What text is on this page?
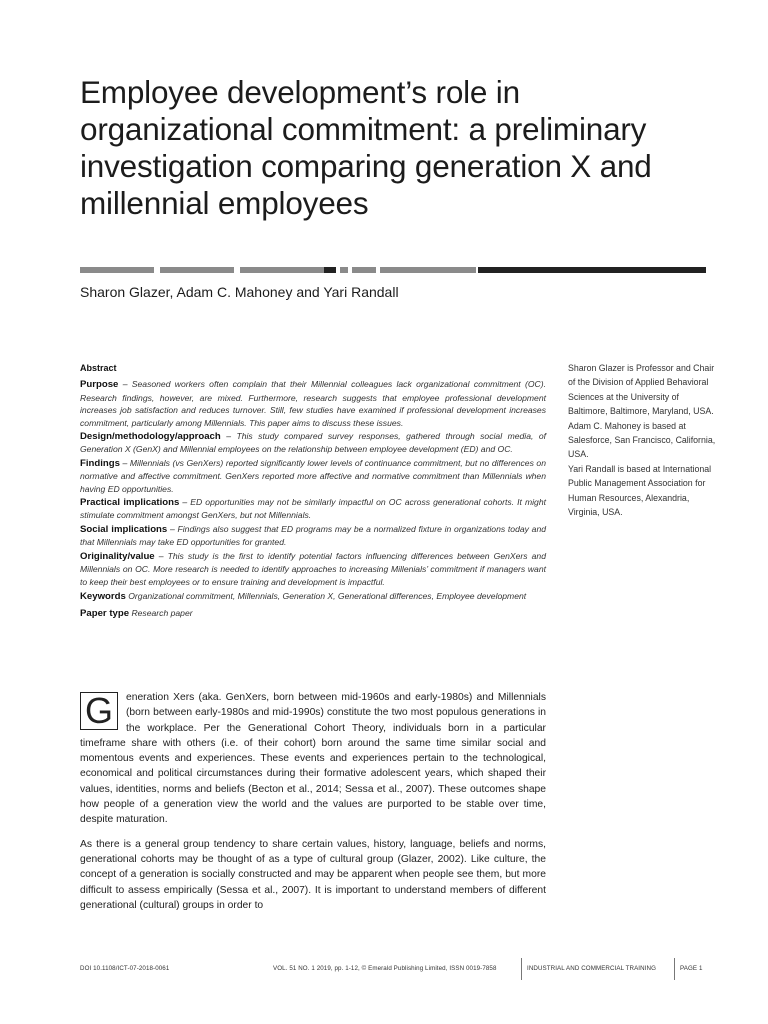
Employee development’s role in organizational commitment: a preliminary investigation comparing generation X and millennial employees
Sharon Glazer, Adam C. Mahoney and Yari Randall
Abstract

Purpose – Seasoned workers often complain that their Millennial colleagues lack organizational commitment (OC). Research findings, however, are mixed. Furthermore, research suggests that employee professional development increases job satisfaction and reduces turnover. Still, few studies have examined if professional development increases commitment, particularly among Millennials. This paper aims to discuss these issues.

Design/methodology/approach – This study compared survey responses, gathered through social media, of Generation X (GenX) and Millennial employees on the relationship between employee development (ED) and OC.

Findings – Millennials (vs GenXers) reported significantly lower levels of continuance commitment, but no differences on normative and affective commitment. GenXers reported more affective and normative commitment than Millennials when having ED opportunities.

Practical implications – ED opportunities may not be similarly impactful on OC across generational cohorts. It might stimulate commitment amongst GenXers, but not Millennials.

Social implications – Findings also suggest that ED programs may be a normalized fixture in organizations today and that Millennials may take ED opportunities for granted.

Originality/value – This study is the first to identify potential factors influencing differences between GenXers and Millennials on OC. More research is needed to identify approaches to increasing Millenials’ commitment if managers want to keep their best employees or to ensure training and development is impactful.

Keywords Organizational commitment, Millennials, Generation X, Generational differences, Employee development

Paper type Research paper

Sharon Glazer is Professor and Chair of the Division of Applied Behavioral Sciences at the University of Baltimore, Baltimore, Maryland, USA.

Adam C. Mahoney is based at Salesforce, San Francisco, California, USA.

Yari Randall is based at International Public Management Association for Human Resources, Alexandria, Virginia, USA.

G	eneration Xers (aka. GenXers, born between mid-1960s and early-1980s) and Millennials (born between early-1980s and mid-1990s) constitute the two most populous generations in the workplace. Per the Generational Cohort Theory, individuals born in a particular timeframe share with others (i.e. of their cohort) born around the same time similar social and momentous events and experiences. These events and experiences pertain to the technological, economical and political circumstances during their formative adolescent years, which shaped their values, identities, norms and beliefs (Becton et al., 2014; Sessa et al., 2007). These outcomes shape how people of a generation view the world and the values are purported to be stable over time, despite maturation.

As there is a general group tendency to share certain values, history, language, beliefs and norms, generational cohorts may be thought of as a type of cultural group (Glazer, 2002). Like culture, the concept of a generation is socially constructed and may be apparent when people see them, but more difficult to assess empirically (Sessa et al., 2007). It is important to understand members of different generational (cultural) groups in order to

DOI 10.1108/ICT-07-2018-0061	VOL. 51 NO. 1 2019, pp. 1-12, © Emerald Publishing Limited, ISSN 0019-7858	INDUSTRIAL AND COMMERCIAL TRAINING	PAGE 1
